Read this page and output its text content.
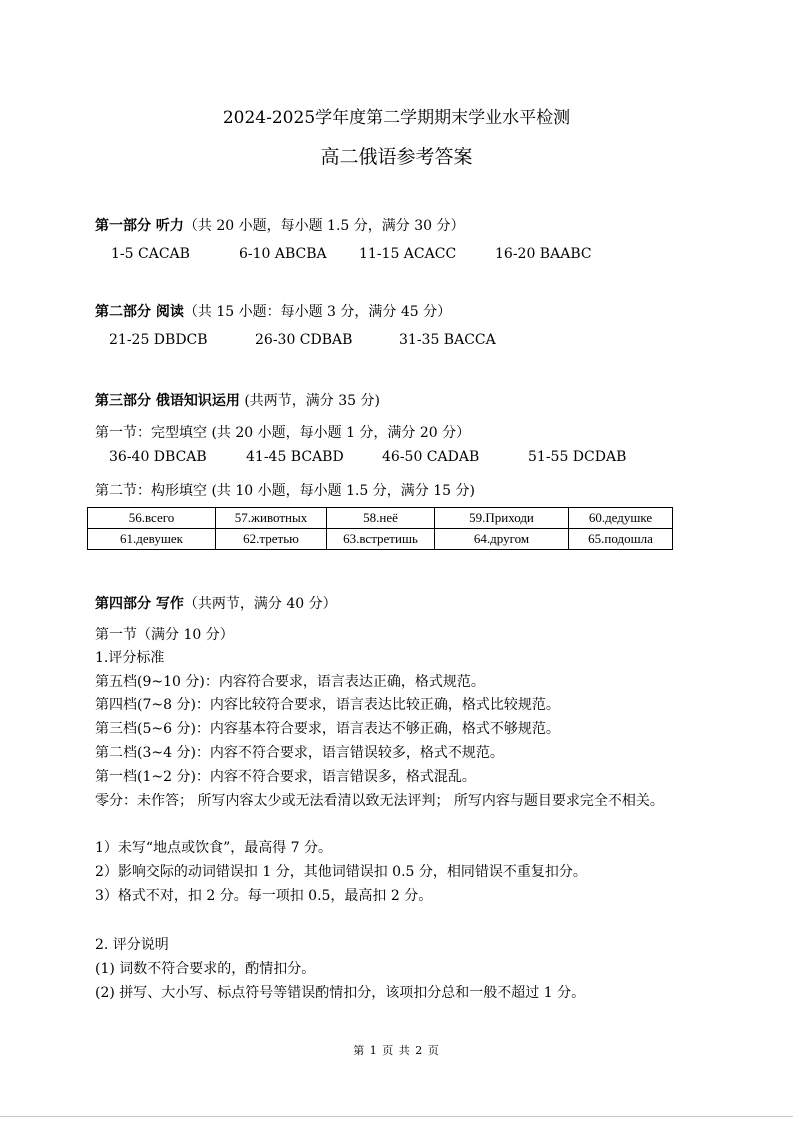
2024-2025学年度第二学期期末学业水平检测
高二俄语参考答案
第一部分 听力（共 20 小题，每小题 1.5 分，满分 30 分）
1-5 CACAB	6-10 ABCBA 11-15 ACACC	16-20 BAABC
第二部分 阅读（共 15 小题：每小题 3 分，满分 45 分）
21-25 DBDCB	26-30 CDBAB	31-35 BACCA
第三部分 俄语知识运用 (共两节，满分 35 分)
第一节：完型填空 (共 20 小题，每小题 1 分，满分 20 分）
36-40 DBCAB	41-45 BCABD	46-50 CADAB	51-55 DCDAB
第二节：构形填空 (共 10 小题，每小题 1.5 分，满分 15 分)
56.всего	57.животных	58.неё	59.Приходи	60.дедушке
61.девушек	62.третью	63.встретишь	64.другом	65.подошла
第四部分 写作（共两节，满分 40 分）
第一节（满分 10 分）
1.评分标准
第五档(9~10 分)：内容符合要求，语言表达正确，格式规范。
第四档(7~8 分)：内容比较符合要求，语言表达比较正确，格式比较规范。
第三档(5~6 分)：内容基本符合要求，语言表达不够正确，格式不够规范。
第二档(3~4 分)：内容不符合要求，语言错误较多，格式不规范。
第一档(1~2 分)：内容不符合要求，语言错误多，格式混乱。
零分：未作答； 所写内容太少或无法看清以致无法评判； 所写内容与题目要求完全不相关。
1）未写“地点或饮食”，最高得 7 分。
2）影响交际的动词错误扣 1 分，其他词错误扣 0.5 分，相同错误不重复扣分。
3）格式不对，扣 2 分。每一项扣 0.5，最高扣 2 分。
2. 评分说明
(1) 词数不符合要求的，酌情扣分。
(2) 拼写、大小写、标点符号等错误酌情扣分，该项扣分总和一般不超过 1 分。
第 1 页 共 2 页
